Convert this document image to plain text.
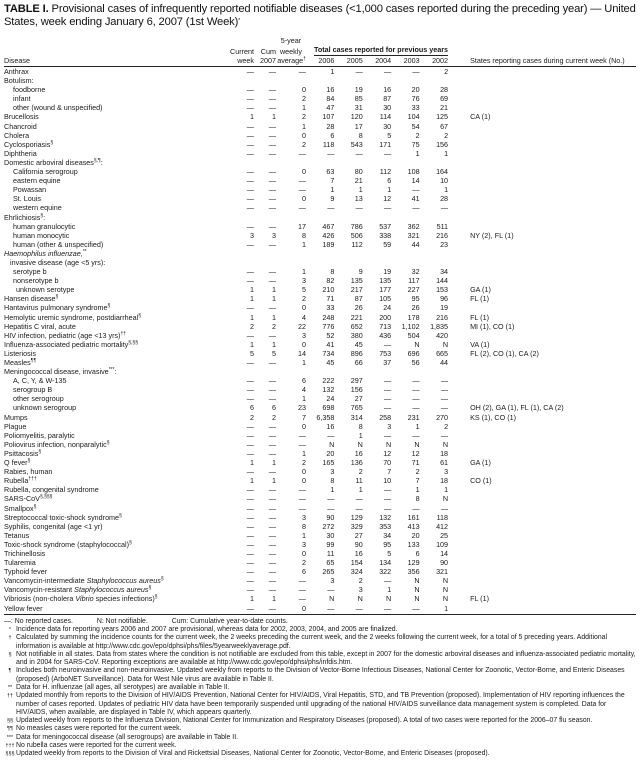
TABLE I. Provisional cases of infrequently reported notifiable diseases (<1,000 cases reported during the preceding year) — United States, week ending January 6, 2007 (1st Week)*
			5-year						
	Current	Cum	weekly	Total cases reported for previous years					

Disease	week	2007	average†	2006	2005	2004	2003	2002	States reporting cases during current week (No.)
Anthrax	—	—	—	1	—	—	—	2	
Botulism:									
foodborne	—	—	0	16	19	16	20	28	
infant	—	—	2	84	85	87	76	69	
other (wound & unspecified)	—	—	1	47	31	30	33	21	
Brucellosis	1	1	2	107	120	114	104	125	CA (1)
Chancroid	—	—	1	28	17	30	54	67	
Cholera	—	—	0	6	8	5	2	2	
Cyclosporiasis§	—	—	2	118	543	171	75	156	
Diphtheria	—	—	—	—	—	—	1	1	
Domestic arboviral diseases§,¶:									
California serogroup	—	—	0	63	80	112	108	164	
eastern equine	—	—	—	7	21	6	14	10	
Powassan	—	—	—	1	1	1	—	1	
St. Louis	—	—	0	9	13	12	41	28	
western equine	—	—	—	—	—	—	—	—	
Ehrlichiosis§:									
human granulocytic	—	—	17	467	786	537	362	511	
human monocytic	3	3	8	426	506	338	321	216	NY (2), FL (1)
human (other & unspecified)	—	—	1	189	112	59	44	23	
Haemophilus influenzae,**									
invasive disease (age <5 yrs):									
serotype b	—	—	1	8	9	19	32	34	
nonserotype b	—	—	3	82	135	135	117	144	
unknown serotype	1	1	5	210	217	177	227	153	GA (1)
Hansen disease§	1	1	2	71	87	105	95	96	FL (1)
Hantavirus pulmonary syndrome§	—	—	0	33	26	24	26	19	
Hemolytic uremic syndrome, postdiarrheal§	1	1	4	248	221	200	178	216	FL (1)
Hepatitis C viral, acute	2	2	22	776	652	713	1,102	1,835	MI (1), CO (1)
HIV infection, pediatric (age <13 yrs)††	—	—	3	52	380	436	504	420	
Influenza-associated pediatric mortality§,§§	1	1	0	41	45	—	N	N	VA (1)
Listeriosis	5	5	14	734	896	753	696	665	FL (2), CO (1), CA (2)
Measles¶¶	—	—	1	45	66	37	56	44	
Meningococcal disease, invasive***:									
A, C, Y, & W-135	—	—	6	222	297	—	—	—	
serogroup B	—	—	4	132	156	—	—	—	
other serogroup	—	—	1	24	27	—	—	—	
unknown serogroup	6	6	23	698	765	—	—	—	OH (2), GA (1), FL (1), CA (2)
Mumps	2	2	7	6,358	314	258	231	270	KS (1), CO (1)
Plague	—	—	0	16	8	3	1	2	
Poliomyelitis, paralytic	—	—	—	—	1	—	—	—	
Poliovirus infection, nonparalytic§	—	—	—	N	N	N	N	N	
Psittacosis§	—	—	1	20	16	12	12	18	
Q fever§	1	1	2	165	136	70	71	61	GA (1)
Rabies, human	—	—	0	3	2	7	2	3	
Rubella†††	1	1	0	8	11	10	7	18	CO (1)
Rubella, congenital syndrome	—	—	—	1	1	—	1	1	
SARS-CoV§,§§§	—	—	—	—	—	—	8	N	
Smallpox§	—	—	—	—	—	—	—	—	
Streptococcal toxic-shock syndrome§	—	—	3	90	129	132	161	118	
Syphilis, congenital (age <1 yr)	—	—	8	272	329	353	413	412	
Tetanus	—	—	1	30	27	34	20	25	
Toxic-shock syndrome (staphylococcal)§	—	—	3	99	90	95	133	109	
Trichinellosis	—	—	0	11	16	5	6	14	
Tularemia	—	—	2	65	154	134	129	90	
Typhoid fever	—	—	6	265	324	322	356	321	
Vancomycin-intermediate Staphylococcus aureus§	—	—	—	3	2	—	N	N	
Vancomycin-resistant Staphylococcus aureus§	—	—	—	—	3	1	N	N	
Vibriosis (non-cholera Vibrio species infections)§	1	1	—	N	N	N	N	N	FL (1)
Yellow fever	—	—	0	—	—	—	—	1	
—: No reported cases.	N: Not notifiable.	Cum: Cumulative year-to-date counts.
* Incidence data for reporting years 2006 and 2007 are provisional, whereas data for 2002, 2003, 2004, and 2005 are finalized.
† Calculated by summing the incidence counts for the current week, the 2 weeks preceding the current week, and the 2 weeks following the current week, for a total of 5 preceding years. Additional information is available at http://www.cdc.gov/epo/dphsi/phs/files/5yearweeklyaverage.pdf.
§ Not notifiable in all states. Data from states where the condition is not notifiable are excluded from this table, except in 2007 for the domestic arboviral diseases and influenza-associated pediatric mortality, and in 2004 for SARS-CoV. Reporting exceptions are available at http://www.cdc.gov/epo/dphsi/phs/infdis.htm.
¶ Includes both neuroinvasive and non-neuroinvasive. Updated weekly from reports to the Division of Vector-Borne Infectious Diseases, National Center for Zoonotic, Vector-Borne, and Enteric Diseases (proposed) (ArboNET Surveillance). Data for West Nile virus are available in Table II.
** Data for H. influenzae (all ages, all serotypes) are available in Table II.
†† Updated monthly from reports to the Division of HIV/AIDS Prevention, National Center for HIV/AIDS, Viral Hepatitis, STD, and TB Prevention (proposed). Implementation of HIV reporting influences the number of cases reported. Updates of pediatric HIV data have been temporarily suspended until upgrading of the national HIV/AIDS surveillance data management system is completed. Data for HIV/AIDS, when available, are displayed in Table IV, which appears quarterly.
§§ Updated weekly from reports to the Influenza Division, National Center for Immunization and Respiratory Diseases (proposed). A total of two cases were reported for the 2006–07 flu season.
¶¶ No measles cases were reported for the current week.
*** Data for meningococcal disease (all serogroups) are available in Table II.
††† No rubella cases were reported for the current week.
§§§ Updated weekly from reports to the Division of Viral and Rickettsial Diseases, National Center for Zoonotic, Vector-Borne, and Enteric Diseases (proposed).
